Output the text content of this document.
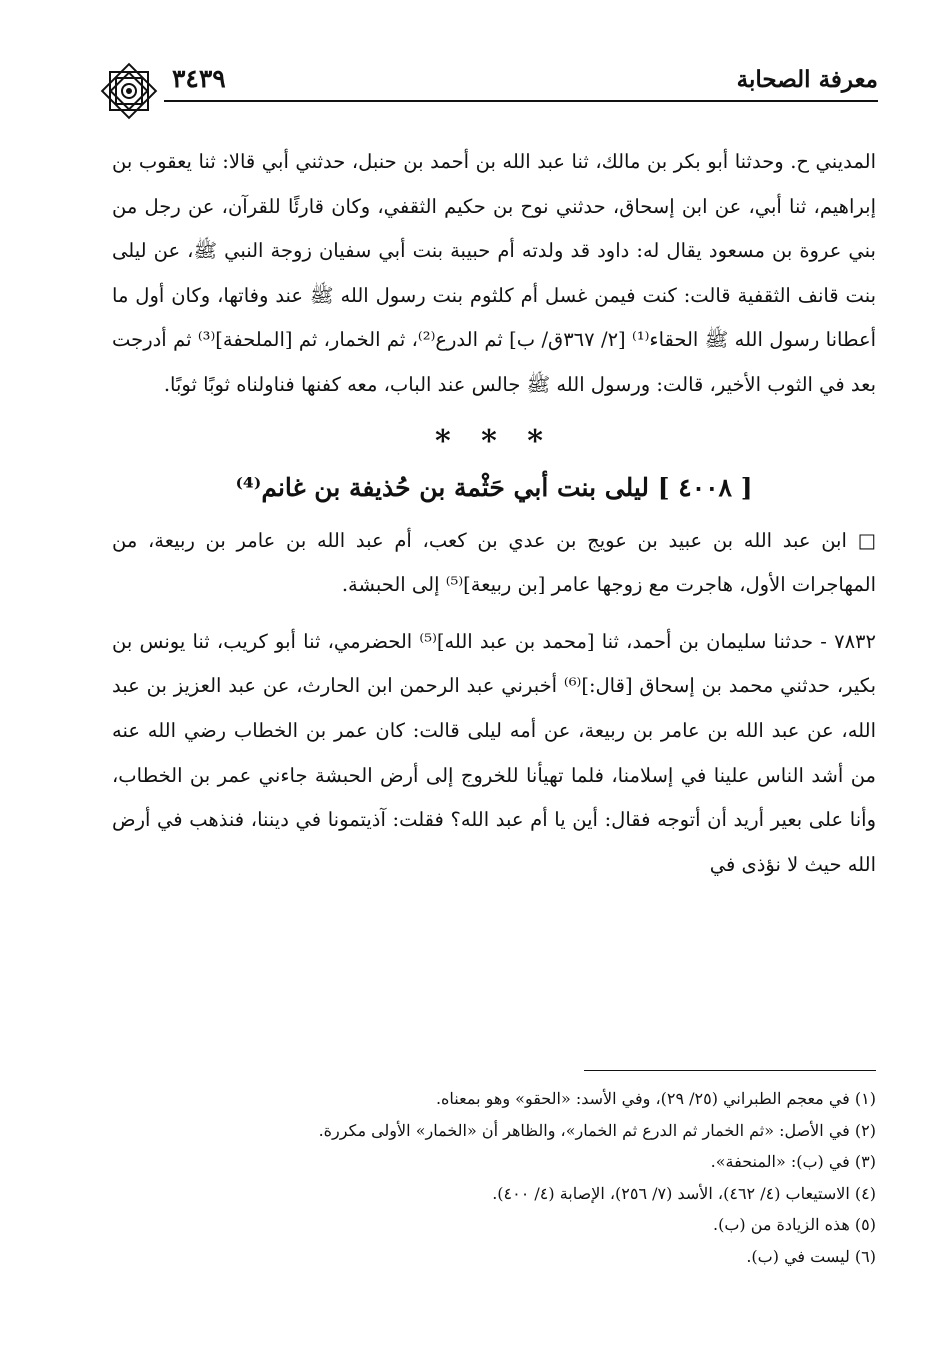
معرفة الصحابة
٣٤٣٩

المديني ح. وحدثنا أبو بكر بن مالك، ثنا عبد الله بن أحمد بن حنبل، حدثني أبي قالا: ثنا يعقوب بن إبراهيم، ثنا أبي، عن ابن إسحاق، حدثني نوح بن حكيم الثقفي، وكان قارئًا للقرآن، عن رجل من بني عروة بن مسعود يقال له: داود قد ولدته أم حبيبة بنت أبي سفيان زوجة النبي ﷺ، عن ليلى بنت قانف الثقفية قالت: كنت فيمن غسل أم كلثوم بنت رسول الله ﷺ عند وفاتها، وكان أول ما أعطانا رسول الله ﷺ الحقاء⁽¹⁾ [٢/ ٣٦٧ق/ ب] ثم الدرع⁽²⁾، ثم الخمار، ثم [الملحفة]⁽³⁾ ثم أدرجت بعد في الثوب الأخير، قالت: ورسول الله ﷺ جالس عند الباب، معه كفنها فناولناه ثوبًا ثوبًا.

* * *
[ ٤٠٠٨ ] ليلى بنت أبي حَثْمة بن حُذيفة بن غانم⁽⁴⁾

□ ابن عبد الله بن عبيد بن عويج بن عدي بن كعب، أم عبد الله بن عامر بن ربيعة، من المهاجرات الأول، هاجرت مع زوجها عامر [بن ربيعة]⁽⁵⁾ إلى الحبشة.

٧٨٣٢ - حدثنا سليمان بن أحمد، ثنا [محمد بن عبد الله]⁽⁵⁾ الحضرمي، ثنا أبو كريب، ثنا يونس بن بكير، حدثني محمد بن إسحاق [قال:]⁽⁶⁾ أخبرني عبد الرحمن ابن الحارث، عن عبد العزيز بن عبد الله، عن عبد الله بن عامر بن ربيعة، عن أمه ليلى قالت: كان عمر بن الخطاب رضي الله عنه من أشد الناس علينا في إسلامنا، فلما تهيأنا للخروج إلى أرض الحبشة جاءني عمر بن الخطاب، وأنا على بعير أريد أن أتوجه فقال: أين يا أم عبد الله؟ فقلت: آذيتمونا في ديننا، فنذهب في أرض الله حيث لا نؤذى في

(١) في معجم الطبراني (٢٥/ ٢٩)، وفي الأسد: «الحقو» وهو بمعناه.
(٢) في الأصل: «ثم الخمار ثم الدرع ثم الخمار»، والظاهر أن «الخمار» الأولى مكررة.
(٣) في (ب): «المنحفة».
(٤) الاستيعاب (٤/ ٤٦٢)، الأسد (٧/ ٢٥٦)، الإصابة (٤/ ٤٠٠).
(٥) هذه الزيادة من (ب).
(٦) ليست في (ب).
